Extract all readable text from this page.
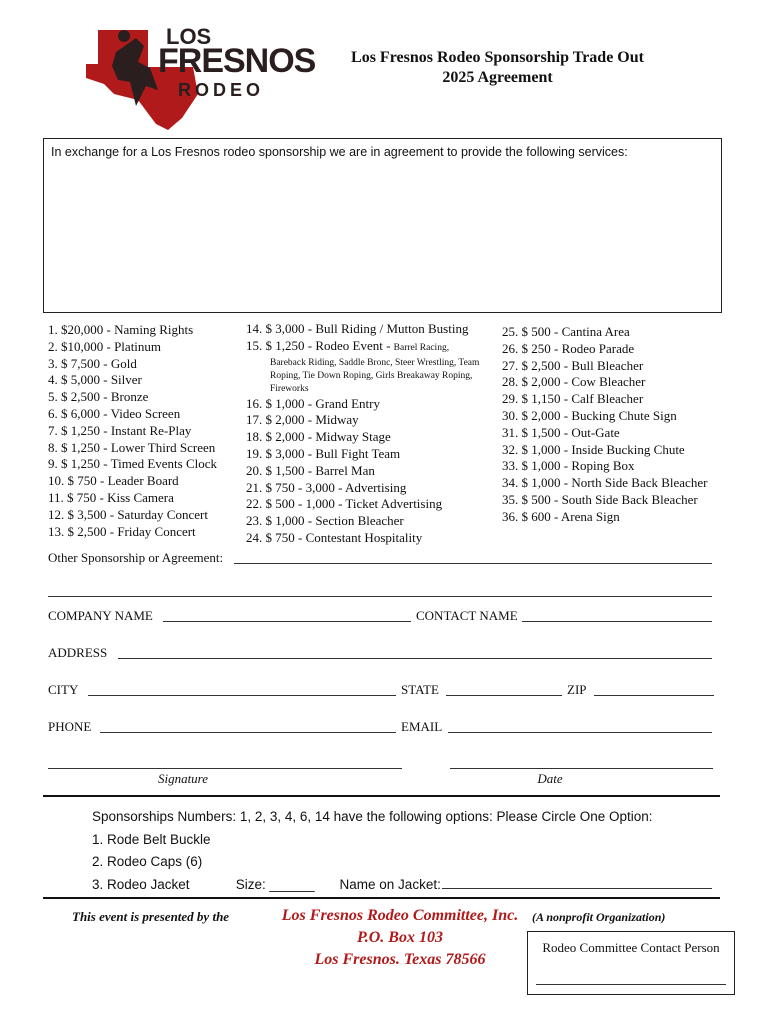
LOS
FRESNOS
RODEO
Los Fresnos Rodeo Sponsorship Trade Out
2025 Agreement
In exchange for a Los Fresnos rodeo sponsorship we are in agreement to provide the following services:
1. $20,000 - Naming Rights
2. $10,000 - Platinum
3. $ 7,500 - Gold
4. $ 5,000 - Silver
5. $ 2,500 - Bronze
6. $ 6,000 - Video Screen
7. $ 1,250 - Instant Re-Play
8. $ 1,250 - Lower Third Screen
9. $ 1,250 - Timed Events Clock
10. $ 750 - Leader Board
11. $ 750 - Kiss Camera
12. $ 3,500 - Saturday Concert
13. $ 2,500 - Friday Concert
14. $ 3,000 - Bull Riding / Mutton Busting
15. $ 1,250 - Rodeo Event - Barrel Racing,
Bareback Riding, Saddle Bronc, Steer Wrestling, Team Roping, Tie Down Roping, Girls Breakaway Roping, Fireworks
16. $ 1,000 - Grand Entry
17. $ 2,000 - Midway
18. $ 2,000 - Midway Stage
19. $ 3,000 - Bull Fight Team
20. $ 1,500 - Barrel Man
21. $ 750 - 3,000 - Advertising
22. $ 500 - 1,000 - Ticket Advertising
23. $ 1,000 - Section Bleacher
24. $ 750 - Contestant Hospitality
25. $ 500 - Cantina Area
26. $ 250 - Rodeo Parade
27. $ 2,500 - Bull Bleacher
28. $ 2,000 - Cow Bleacher
29. $ 1,150 - Calf Bleacher
30. $ 2,000 - Bucking Chute Sign
31. $ 1,500 - Out-Gate
32. $ 1,000 - Inside Bucking Chute
33. $ 1,000 - Roping Box
34. $ 1,000 - North Side Back Bleacher
35. $ 500 - South Side Back Bleacher
36. $ 600 - Arena Sign
Other Sponsorship or Agreement:
COMPANY NAME	CONTACT NAME
ADDRESS
CITY	STATE	ZIP
PHONE	EMAIL
Signature	Date
Sponsorships Numbers: 1, 2, 3, 4, 6, 14 have the following options: Please Circle One Option:
1. Rode Belt Buckle
2. Rodeo Caps (6)
3. Rodeo Jacket	Size: ______ Name on Jacket:
This event is presented by the	Los Fresnos Rodeo Committee, Inc.
P.O. Box 103
Los Fresnos. Texas 78566
(A nonprofit Organization)
Rodeo Committee Contact Person
